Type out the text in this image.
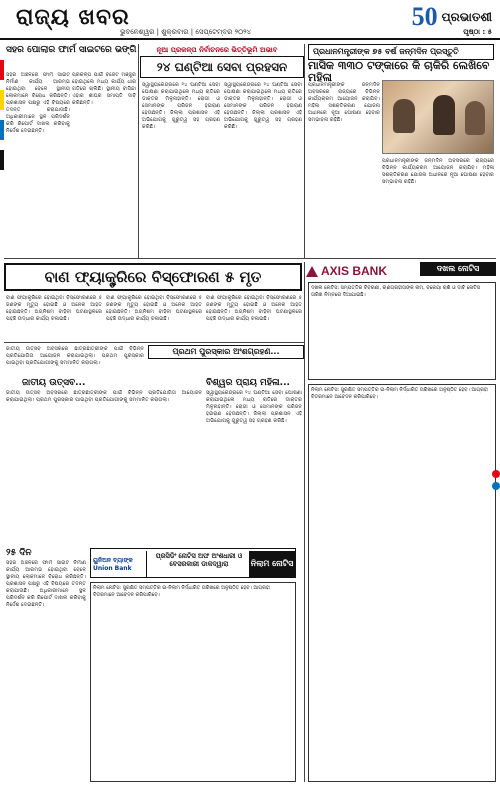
ରାଜ୍ୟ ଖବର
ଭୁବନେଶ୍ୱର | ଶୁକ୍ରବାର | ସେପ୍ଟେମ୍ବର ୨୦୨୪
50 ପ୍ରଭାତଶୀ
ପୃଷ୍ଠା : ୫
ସହର ପୋଲାର ଫାର୍ମ ସାଇଟରେ ଭଙ୍ଗି	ନୂଆ ପ୍ରକଳ୍ପ ନିର୍ବାଚନରେ ଭିତ୍ତିଭୂମି ଅଭାବ
୨୪ ଘଣ୍ଟିଆ ସେବା ପ୍ରହସନ
ପ୍ରଧାନମନ୍ତ୍ରୀଙ୍କ ୭୫ ବର୍ଷ ଜନ୍ମଦିନ ପ୍ରସ୍ତୁତି
ମାସିକ ୩୩୦ ଟଙ୍କାରେ କି ଚାକିରି ଲେଖିବେ ମହିଳା
ସହର ଅଞ୍ଚଳରେ ଫାର୍ମ ସାଇଟ ନିର୍ମାଣ କାର୍ଯ୍ୟ ଆରମ୍ଭ ହୋଇଥିବା ବେଳେ ସ୍ଥାନୀୟ ଲୋକମାନେ ବିରୋଧ କରିଛନ୍ତି। ପ୍ରଶାସନ ପକ୍ଷରୁ ଏହି ବିଷୟରେ ତଦନ୍ତ କରାଯାଉଛି। ଅଧିକାରୀମାନେ ସ୍ଥଳ ପରିଦର୍ଶନ କରି ରିପୋର୍ଟ ଦାଖଲ କରିବାକୁ ନିର୍ଦ୍ଦେଶ ଦେଇଛନ୍ତି।
ପ୍ରକଳ୍ପ ପାଇଁ ବଜେଟ ମଞ୍ଜୁର ହୋଇଥିଲେ ମଧ୍ୟ କାର୍ଯ୍ୟ ଧୀର ଗତିରେ ଚାଲିଛି। ସ୍ଥାନୀୟ ବାସିନ୍ଦା ଏହାର ଶୀଘ୍ର ସମାପ୍ତି ଦାବି କରିଛନ୍ତି।
ସ୍ୱାସ୍ଥ୍ୟକେନ୍ଦ୍ରରେ ୨୪ ଘଣ୍ଟିଆ ସେବା ଘୋଷଣା କରାଯାଇଥିଲେ ମଧ୍ୟ ରାତିରେ ଡାକ୍ତର ମିଳୁନାହାନ୍ତି। ରୋଗୀ ଓ ସେମାନଙ୍କ ପରିଜନ ହଇରାଣ ହେଉଛନ୍ତି। ଜିଲ୍ଲା ପ୍ରଶାସନ ଏହି ଅଭିଯୋଗକୁ ଗୁରୁତ୍ୱ ସହ ଗ୍ରହଣ କରିଛି।
ସ୍ୱାସ୍ଥ୍ୟକେନ୍ଦ୍ରରେ ୨୪ ଘଣ୍ଟିଆ ସେବା ଘୋଷଣା କରାଯାଇଥିଲେ ମଧ୍ୟ ରାତିରେ ଡାକ୍ତର ମିଳୁନାହାନ୍ତି। ରୋଗୀ ଓ ସେମାନଙ୍କ ପରିଜନ ହଇରାଣ ହେଉଛନ୍ତି। ଜିଲ୍ଲା ପ୍ରଶାସନ ଏହି ଅଭିଯୋଗକୁ ଗୁରୁତ୍ୱ ସହ ଗ୍ରହଣ କରିଛି।
ପ୍ରଧାନମନ୍ତ୍ରୀଙ୍କ ଜନ୍ମଦିନ ଅବସରରେ ରାଜ୍ୟରେ ବିଭିନ୍ନ କାର୍ଯ୍ୟକ୍ରମ ଆୟୋଜନ କରାଯିବ। ମହିଳା ସଶକ୍ତିକରଣ ଯୋଜନା ଅଧୀନରେ ନୂଆ ଘୋଷଣା ହେବାର ସମ୍ଭାବନା ରହିଛି।
ପ୍ରଧାନମନ୍ତ୍ରୀଙ୍କ ଜନ୍ମଦିନ ଅବସରରେ ରାଜ୍ୟରେ ବିଭିନ୍ନ କାର୍ଯ୍ୟକ୍ରମ ଆୟୋଜନ କରାଯିବ। ମହିଳା ସଶକ୍ତିକରଣ ଯୋଜନା ଅଧୀନରେ ନୂଆ ଘୋଷଣା ହେବାର ସମ୍ଭାବନା ରହିଛି।
ବାଣ ଫ୍ୟାକ୍ଟ୍ରିରେ ବିସ୍ଫୋରଣ ୫ ମୃତ
ବାଣ ଫ୍ୟାକ୍ଟ୍ରିରେ ହୋଇଥିବା ବିସ୍ଫୋରଣରେ ୫ ଜଣଙ୍କ ମୃତ୍ୟୁ ହୋଇଛି ଓ ଅନେକ ଆହତ ହୋଇଛନ୍ତି। ଅଗ୍ନିଶମ ବାହିନୀ ଘଟଣାସ୍ଥଳରେ ପହଞ୍ଚି ଉଦ୍ଧାର କାର୍ଯ୍ୟ ଚଳାଇଛି।
ବାଣ ଫ୍ୟାକ୍ଟ୍ରିରେ ହୋଇଥିବା ବିସ୍ଫୋରଣରେ ୫ ଜଣଙ୍କ ମୃତ୍ୟୁ ହୋଇଛି ଓ ଅନେକ ଆହତ ହୋଇଛନ୍ତି। ଅଗ୍ନିଶମ ବାହିନୀ ଘଟଣାସ୍ଥଳରେ ପହଞ୍ଚି ଉଦ୍ଧାର କାର୍ଯ୍ୟ ଚଳାଇଛି।
ବାଣ ଫ୍ୟାକ୍ଟ୍ରିରେ ହୋଇଥିବା ବିସ୍ଫୋରଣରେ ୫ ଜଣଙ୍କ ମୃତ୍ୟୁ ହୋଇଛି ଓ ଅନେକ ଆହତ ହୋଇଛନ୍ତି। ଅଗ୍ନିଶମ ବାହିନୀ ଘଟଣାସ୍ଥଳରେ ପହଞ୍ଚି ଉଦ୍ଧାର କାର୍ଯ୍ୟ ଚଳାଇଛି।
AXIS BANK	ଦଖଲ ନୋଟିସ
ଦଖଲ ନୋଟିସ: ସମ୍ପତ୍ତିର ବିବରଣୀ, ଋଣଗ୍ରହୀତାଙ୍କ ନାମ, ବକେୟା ରାଶି ଓ ଦାବି ନୋଟିସ ତାରିଖ ନିମ୍ନରେ ଦିଆଯାଇଛି।
ନିଲାମ ନୋଟିସ: ସୁରକ୍ଷିତ ସମ୍ପତ୍ତିର ଇ-ନିଲାମ ନିର୍ଦ୍ଧାରିତ ତାରିଖରେ ଅନୁଷ୍ଠିତ ହେବ। ଆଗ୍ରହୀ ବିଡରମାନେ ଆବେଦନ କରିପାରିବେ।
ପ୍ରଥମ ପୁରସ୍କାର ଅଂଶଗ୍ରହଣ...
ଜାତୀୟ ଉତ୍ସବ ଅବସରରେ ଛାତ୍ରଛାତ୍ରୀଙ୍କ ପାଇଁ ବିଭିନ୍ନ ପ୍ରତିଯୋଗିତା ଆୟୋଜନ କରାଯାଇଥିଲା। ପ୍ରଥମ ପୁରସ୍କାର ପାଇଥିବା ପ୍ରତିଯୋଗୀଙ୍କୁ ସମ୍ମାନିତ କରାଗଲା।
ଜାତୀୟ ଉତ୍ସବ...	ବିଶ୍ୱର ପ୍ରାୟ ମହିଳା...
ଜାତୀୟ ଉତ୍ସବ ଅବସରରେ ଛାତ୍ରଛାତ୍ରୀଙ୍କ ପାଇଁ ବିଭିନ୍ନ ପ୍ରତିଯୋଗିତା ଆୟୋଜନ କରାଯାଇଥିଲା। ପ୍ରଥମ ପୁରସ୍କାର ପାଇଥିବା ପ୍ରତିଯୋଗୀଙ୍କୁ ସମ୍ମାନିତ କରାଗଲା।
ସ୍ୱାସ୍ଥ୍ୟକେନ୍ଦ୍ରରେ ୨୪ ଘଣ୍ଟିଆ ସେବା ଘୋଷଣା କରାଯାଇଥିଲେ ମଧ୍ୟ ରାତିରେ ଡାକ୍ତର ମିଳୁନାହାନ୍ତି। ରୋଗୀ ଓ ସେମାନଙ୍କ ପରିଜନ ହଇରାଣ ହେଉଛନ୍ତି। ଜିଲ୍ଲା ପ୍ରଶାସନ ଏହି ଅଭିଯୋଗକୁ ଗୁରୁତ୍ୱ ସହ ଗ୍ରହଣ କରିଛି।
୨୫ ଦିନ
ସହର ଅଞ୍ଚଳରେ ଫାର୍ମ ସାଇଟ ନିର୍ମାଣ କାର୍ଯ୍ୟ ଆରମ୍ଭ ହୋଇଥିବା ବେଳେ ସ୍ଥାନୀୟ ଲୋକମାନେ ବିରୋଧ କରିଛନ୍ତି। ପ୍ରଶାସନ ପକ୍ଷରୁ ଏହି ବିଷୟରେ ତଦନ୍ତ କରାଯାଉଛି। ଅଧିକାରୀମାନେ ସ୍ଥଳ ପରିଦର୍ଶନ କରି ରିପୋର୍ଟ ଦାଖଲ କରିବାକୁ ନିର୍ଦ୍ଦେଶ ଦେଇଛନ୍ତି।
ୟୁନିଅନ ବ୍ୟାଙ୍କ Union Bank
ପ୍ରସିଡିଂ ନୋଟିସ ଅଫ ଅଂଶଧାରୀ ଓ ବେସରକାରୀ ଡାକଦ୍ୱାରା	ନିଲାମ ନୋଟିସ
ନିଲାମ ନୋଟିସ: ସୁରକ୍ଷିତ ସମ୍ପତ୍ତିର ଇ-ନିଲାମ ନିର୍ଦ୍ଧାରିତ ତାରିଖରେ ଅନୁଷ୍ଠିତ ହେବ। ଆଗ୍ରହୀ ବିଡରମାନେ ଆବେଦନ କରିପାରିବେ।
